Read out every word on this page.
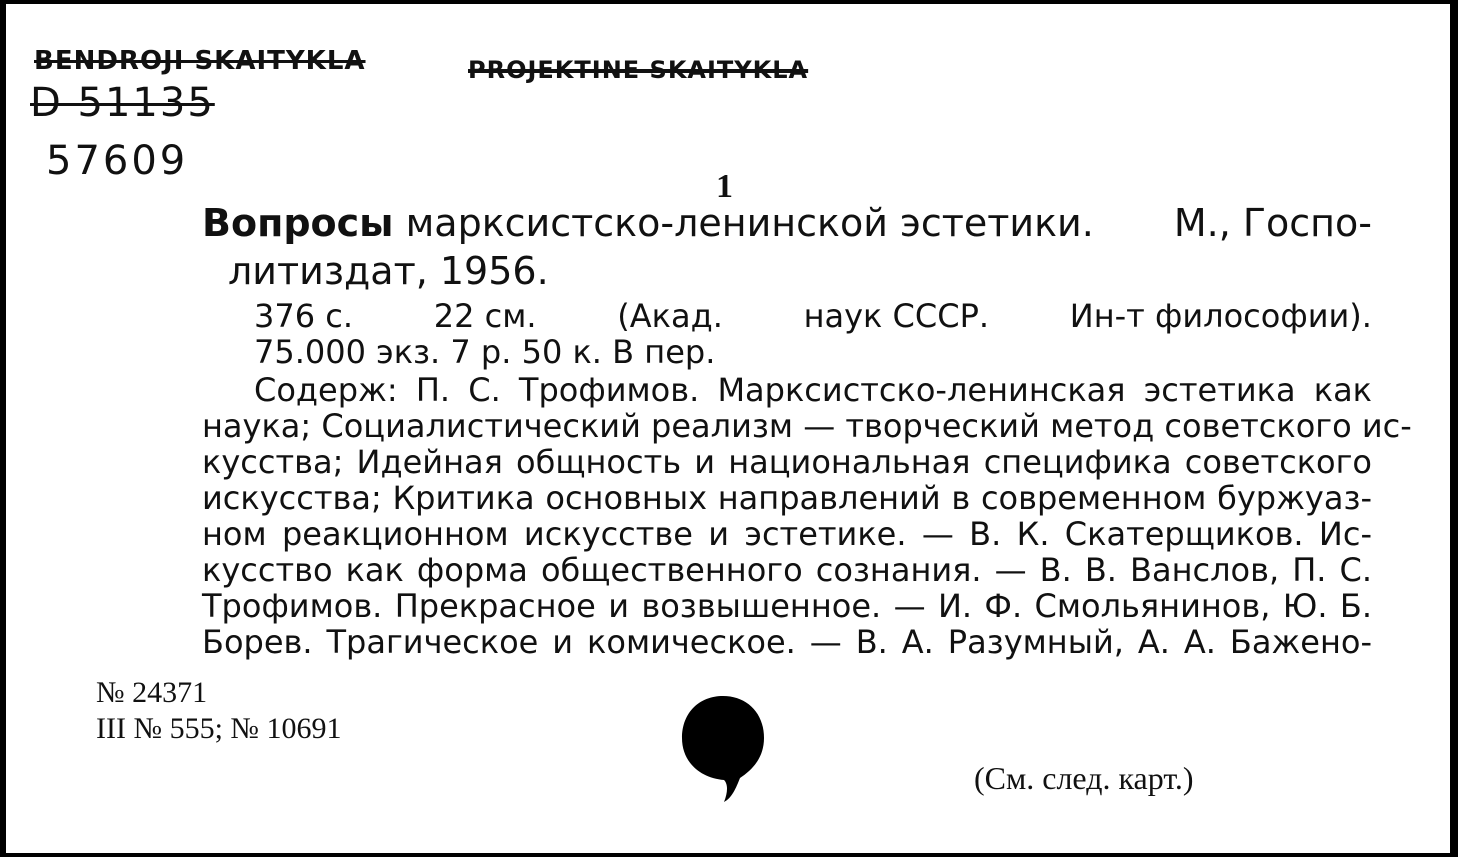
BENDROJI SKAITYKLA	PROJEKTINE SKAITYKLA
D 51135
57609
1
Вопросы марксистско-ленинской эстетики. М., Госпо-
литиздат, 1956.
376 с.	22 см.	(Акад.	наук СССР.	Ин-т философии).
75.000 экз. 7 р. 50 к. В пер.
Содерж: П. С. Трофимов. Марксистско-ленинская эстетика как
наука; Социалистический реализм — творческий метод советского ис-
кусства; Идейная общность и национальная специфика советского
искусства; Критика основных направлений в современном буржуаз-
ном реакционном искусстве и эстетике. — В. К. Скатерщиков. Ис-
кусство как форма общественного сознания. — В. В. Ванслов, П. С.
Трофимов. Прекрасное и возвышенное. — И. Ф. Смольянинов, Ю. Б.
Борев. Трагическое и комическое. — В. А. Разумный, А. А. Бажено-
№ 24371
III № 555; № 10691
(См. след. карт.)
